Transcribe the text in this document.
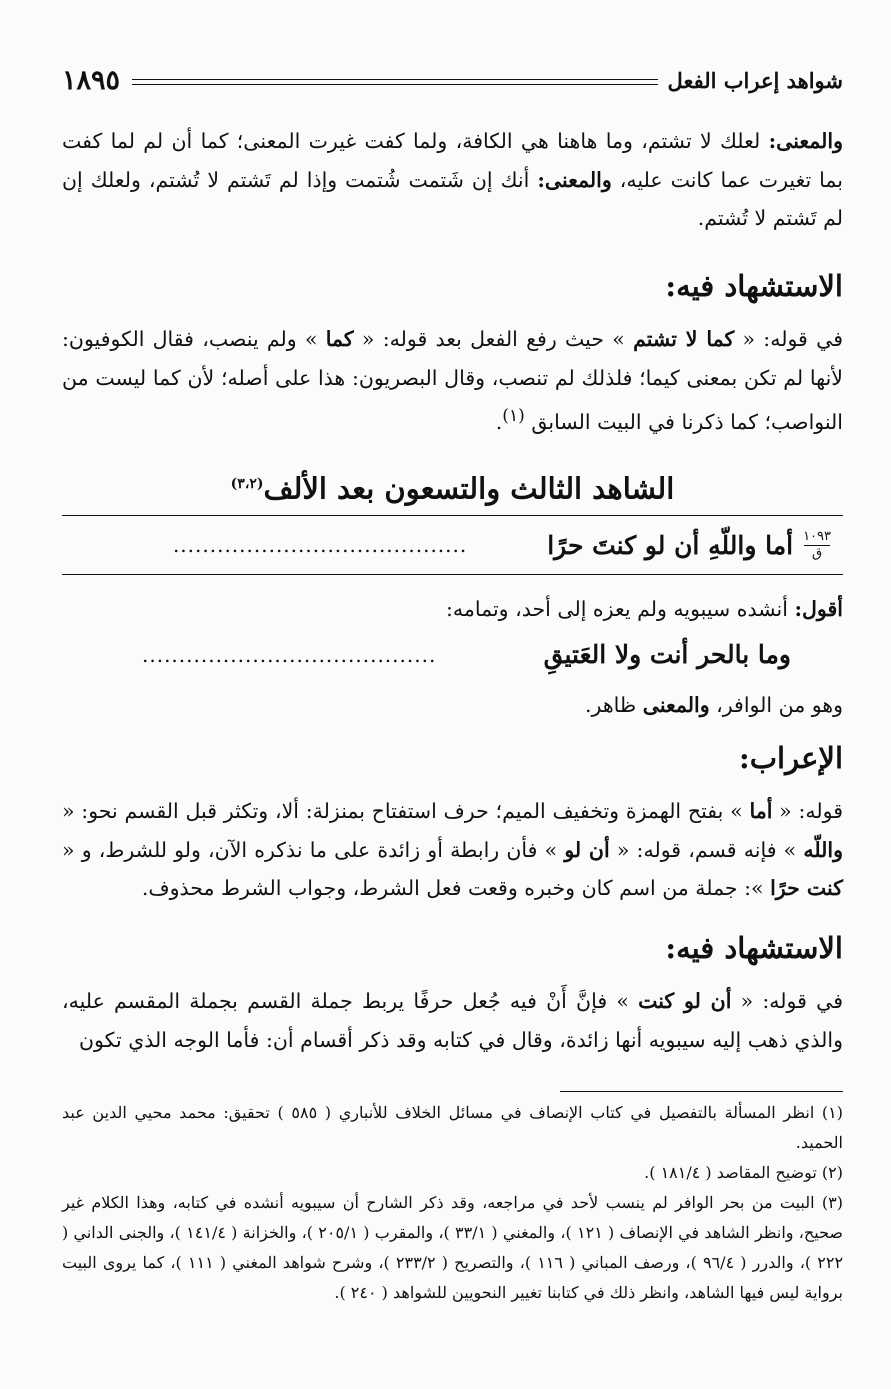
شواهد إعراب الفعل
١٨٩٥

والمعنى: لعلك لا تشتم، وما هاهنا هي الكافة، ولما كفت غيرت المعنى؛ كما أن لم لما كفت بما تغيرت عما كانت عليه، والمعنى: أنك إن شَتمت شُتمت وإذا لم تَشتم لا تُشتم، ولعلك إن لم تَشتم لا تُشتم.

الاستشهاد فيه:

في قوله: « كما لا تشتم » حيث رفع الفعل بعد قوله: « كما » ولم ينصب، فقال الكوفيون: لأنها لم تكن بمعنى كيما؛ فلذلك لم تنصب، وقال البصريون: هذا على أصله؛ لأن كما ليست من النواصب؛ كما ذكرنا في البيت السابق $^{(١)}$.

الشاهد الثالث والتسعون بعد الألف$^{(٣،٢)}$
١٠٩٣
ق
أما واللّهِ أن لو كنتَ حرًا
........................................

أقول: أنشده سيبويه ولم يعزه إلى أحد، وتمامه:

........................................	وما بالحر أنت ولا العَتيقِ

وهو من الوافر، والمعنى ظاهر.

الإعراب:

قوله: « أما » بفتح الهمزة وتخفيف الميم؛ حرف استفتاح بمنزلة: ألا، وتكثر قبل القسم نحو: « واللّه » فإنه قسم، قوله: « أن لو » فأن رابطة أو زائدة على ما نذكره الآن، ولو للشرط، و « كنت حرًا »: جملة من اسم كان وخبره وقعت فعل الشرط، وجواب الشرط محذوف.

الاستشهاد فيه:

في قوله: « أن لو كنت » فإنَّ أَنْ فيه جُعل حرفًا يربط جملة القسم بجملة المقسم عليه، والذي ذهب إليه سيبويه أنها زائدة، وقال في كتابه وقد ذكر أقسام أن: فأما الوجه الذي تكون

(١) انظر المسألة بالتفصيل في كتاب الإنصاف في مسائل الخلاف للأنباري ( ٥٨٥ ) تحقيق: محمد محيي الدين عبد الحميد.

(٢) توضيح المقاصد ( ١٨١/٤ ).

(٣) البيت من بحر الوافر لم ينسب لأحد في مراجعه، وقد ذكر الشارح أن سيبويه أنشده في كتابه، وهذا الكلام غير صحيح، وانظر الشاهد في الإنصاف ( ١٢١ )، والمغني ( ٣٣/١ )، والمقرب ( ٢٠٥/١ )، والخزانة ( ١٤١/٤ )، والجنى الداني ( ٢٢٢ )، والدرر ( ٩٦/٤ )، ورصف المباني ( ١١٦ )، والتصريح ( ٢٣٣/٢ )، وشرح شواهد المغني ( ١١١ )، كما يروى البيت برواية ليس فيها الشاهد، وانظر ذلك في كتابنا تغيير النحويين للشواهد ( ٢٤٠ ).
